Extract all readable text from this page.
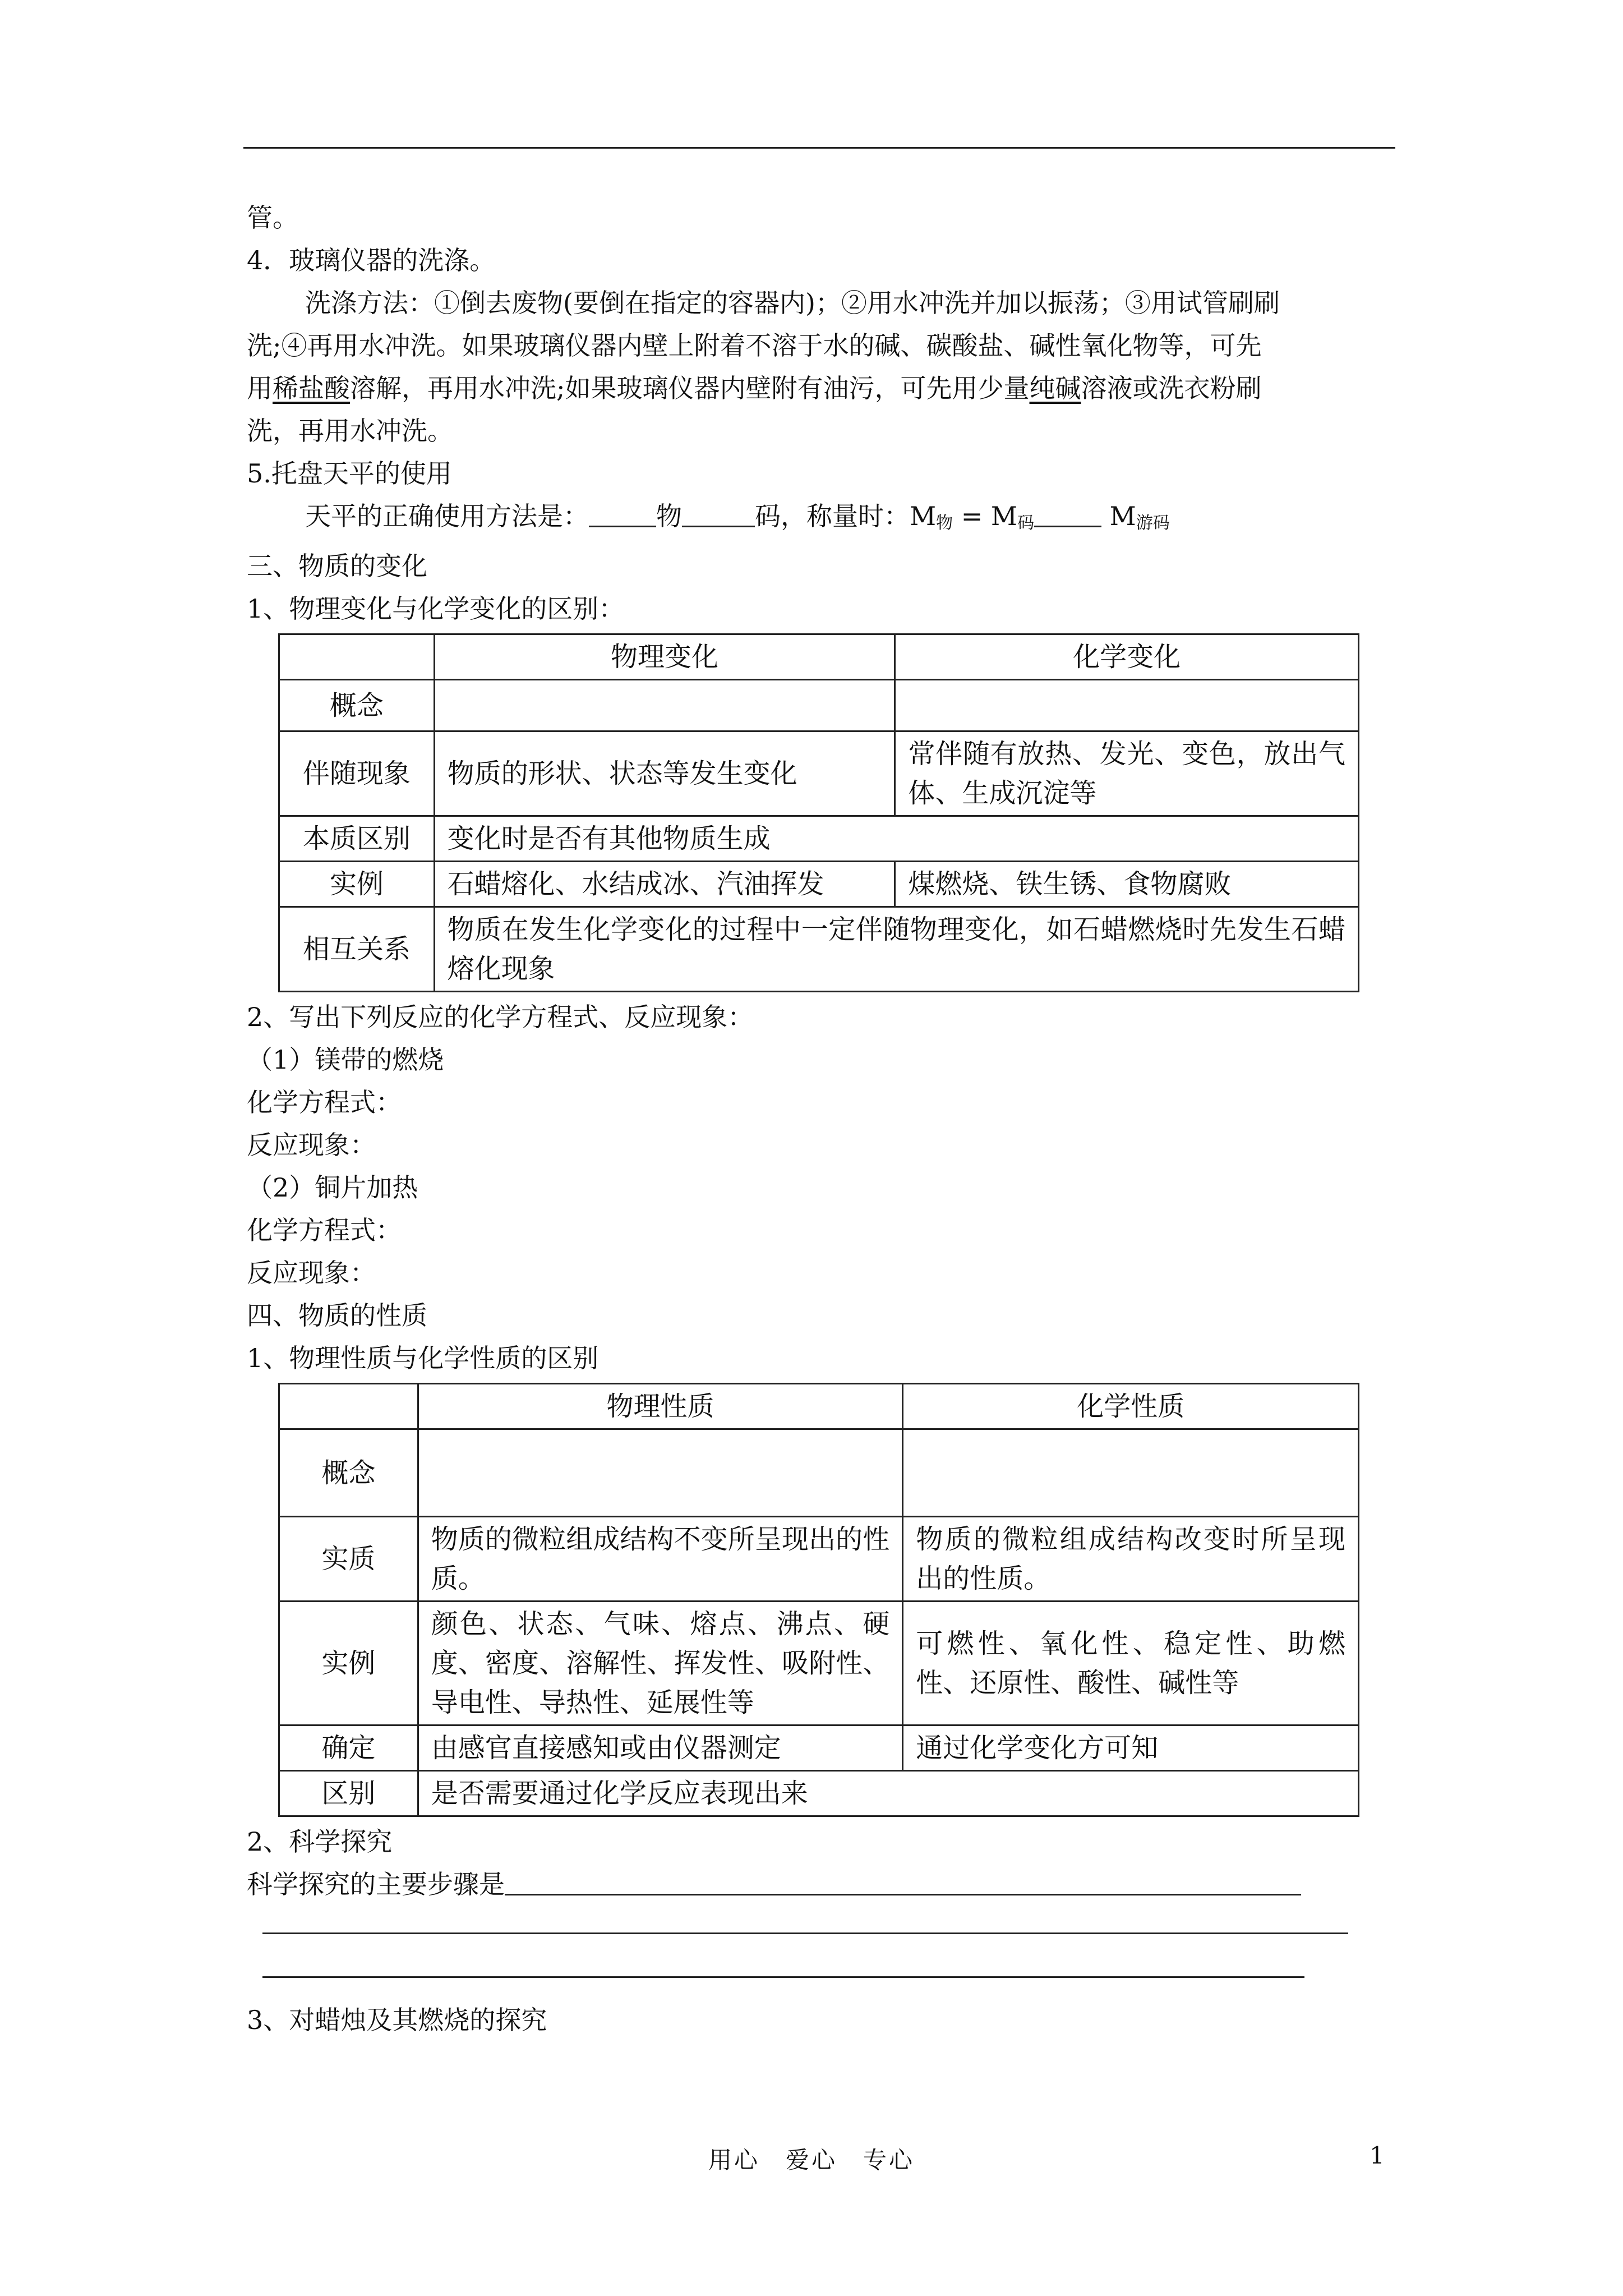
管。
4．玻璃仪器的洗涤。
洗涤方法：①倒去废物(要倒在指定的容器内)；②用水冲洗并加以振荡；③用试管刷刷
洗;④再用水冲洗。如果玻璃仪器内壁上附着不溶于水的碱、碳酸盐、碱性氧化物等，可先
用稀盐酸溶解，再用水冲洗;如果玻璃仪器内壁附有油污，可先用少量纯碱溶液或洗衣粉刷
洗，再用水冲洗。
5.托盘天平的使用
天平的正确使用方法是：	物	码，称量时：$M_物 = M_码$	$M_{游码}$
三、物质的变化
1、物理变化与化学变化的区别：
	物理变化	化学变化
概念		
伴随现象	物质的形状、状态等发生变化	常伴随有放热、发光、变色，放出气体、生成沉淀等
本质区别	变化时是否有其他物质生成	
实例	石蜡熔化、水结成冰、汽油挥发	煤燃烧、铁生锈、食物腐败
相互关系	物质在发生化学变化的过程中一定伴随物理变化，如石蜡燃烧时先发生石蜡熔化现象	
2、写出下列反应的化学方程式、反应现象：
（1）镁带的燃烧
化学方程式：
反应现象：
（2）铜片加热
化学方程式：
反应现象：
四、物质的性质
1、物理性质与化学性质的区别
	物理性质	化学性质
概念		
实质	物质的微粒组成结构不变所呈现出的性质。	物质的微粒组成结构改变时所呈现出的性质。
实例	颜色、状态、气味、熔点、沸点、硬度、密度、溶解性、挥发性、吸附性、导电性、导热性、延展性等	可燃性、氧化性、稳定性、助燃性、还原性、酸性、碱性等
确定	由感官直接感知或由仪器测定	通过化学变化方可知
区别	是否需要通过化学反应表现出来	
2、科学探究
科学探究的主要步骤是
3、对蜡烛及其燃烧的探究
用心　爱心　专心	1
